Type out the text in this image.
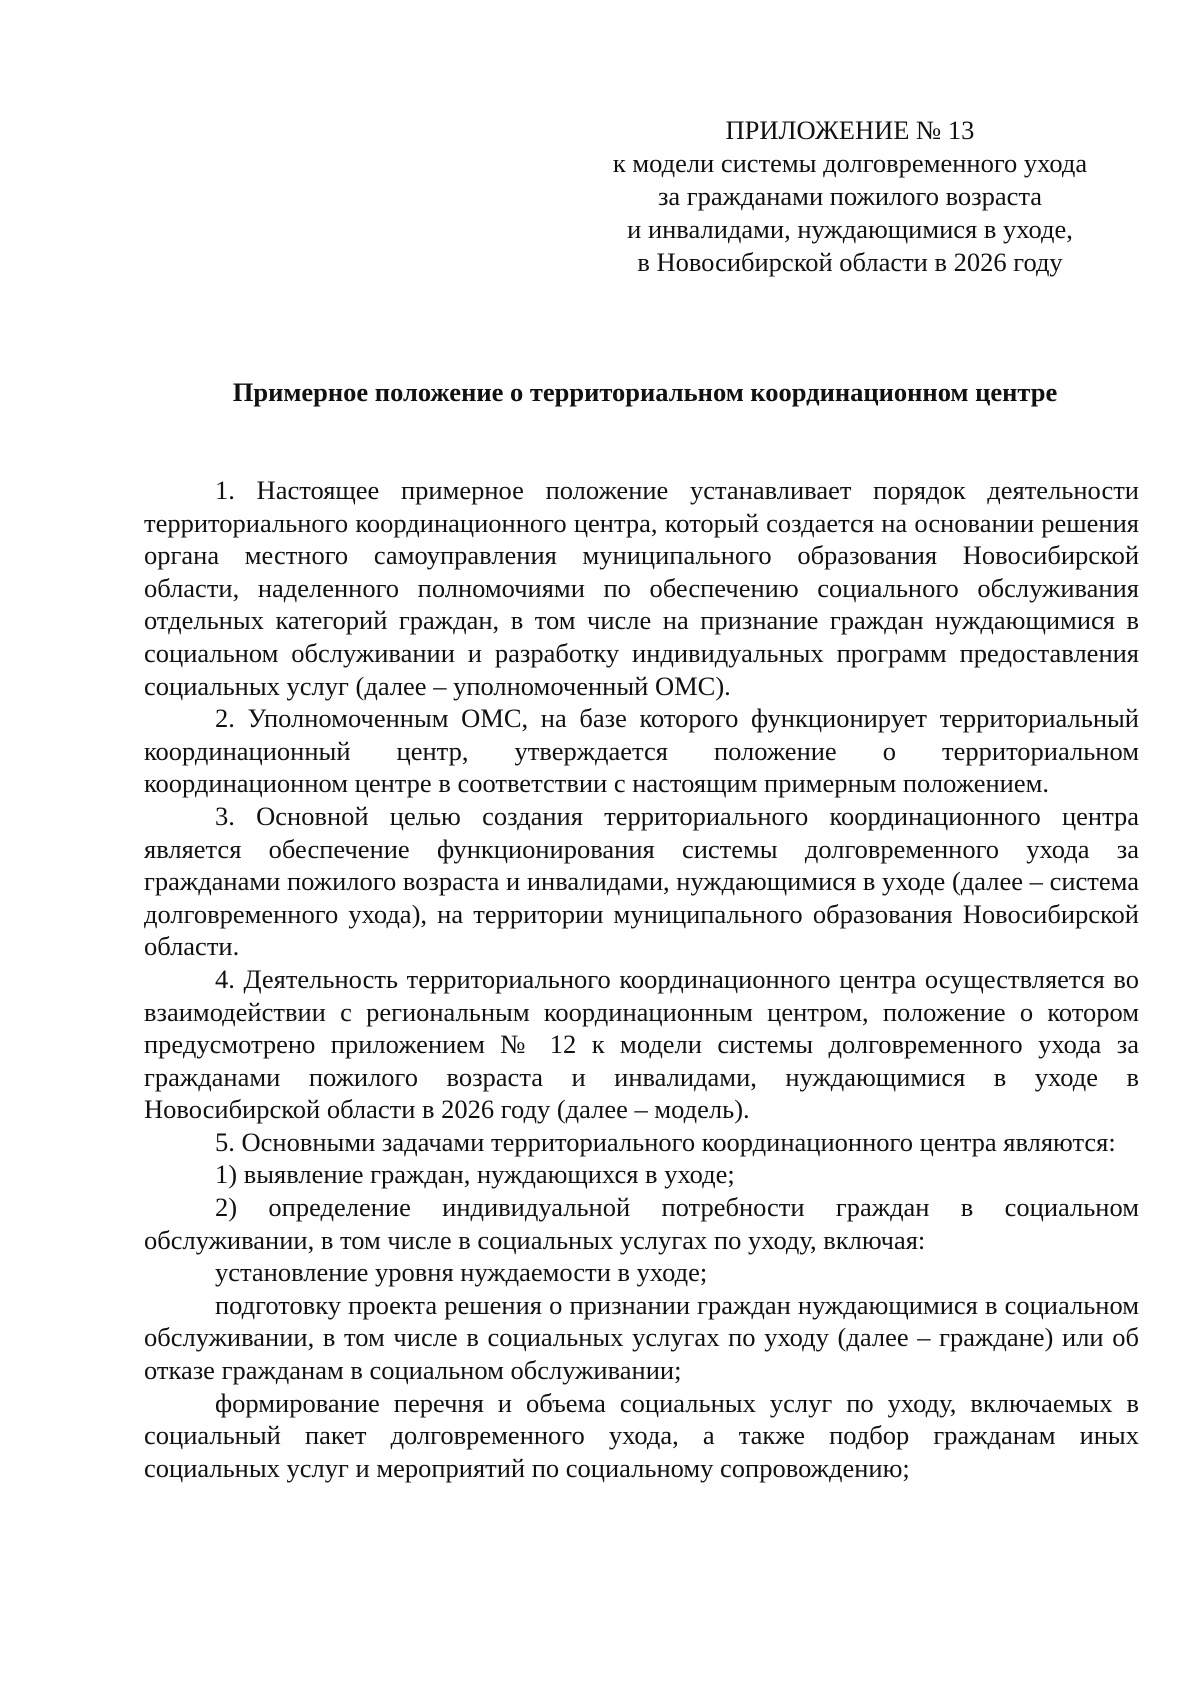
ПРИЛОЖЕНИЕ № 13
к модели системы долговременного ухода
за гражданами пожилого возраста
и инвалидами, нуждающимися в уходе,
в Новосибирской области в 2026 году
Примерное положение о территориальном координационном центре

1. Настоящее примерное положение устанавливает порядок деятельности территориального координационного центра, который создается на основании решения органа местного самоуправления муниципального образования Новосибирской области, наделенного полномочиями по обеспечению социального обслуживания отдельных категорий граждан, в том числе на признание граждан нуждающимися в социальном обслуживании и разработку индивидуальных программ предоставления социальных услуг (далее – уполномоченный ОМС).

2. Уполномоченным ОМС, на базе которого функционирует территориальный координационный центр, утверждается положение о территориальном координационном центре в соответствии с настоящим примерным положением.

3. Основной целью создания территориального координационного центра является обеспечение функционирования системы долговременного ухода за гражданами пожилого возраста и инвалидами, нуждающимися в уходе (далее – система долговременного ухода), на территории муниципального образования Новосибирской области.

4. Деятельность территориального координационного центра осуществляется во взаимодействии с региональным координационным центром, положение о котором предусмотрено приложением № 12 к модели системы долговременного ухода за гражданами пожилого возраста и инвалидами, нуждающимися в уходе в Новосибирской области в 2026 году (далее – модель).

5. Основными задачами территориального координационного центра являются:

1) выявление граждан, нуждающихся в уходе;

2) определение индивидуальной потребности граждан в социальном обслуживании, в том числе в социальных услугах по уходу, включая:

установление уровня нуждаемости в уходе;

подготовку проекта решения о признании граждан нуждающимися в социальном обслуживании, в том числе в социальных услугах по уходу (далее – граждане) или об отказе гражданам в социальном обслуживании;

формирование перечня и объема социальных услуг по уходу, включаемых в социальный пакет долговременного ухода, а также подбор гражданам иных социальных услуг и мероприятий по социальному сопровождению;
